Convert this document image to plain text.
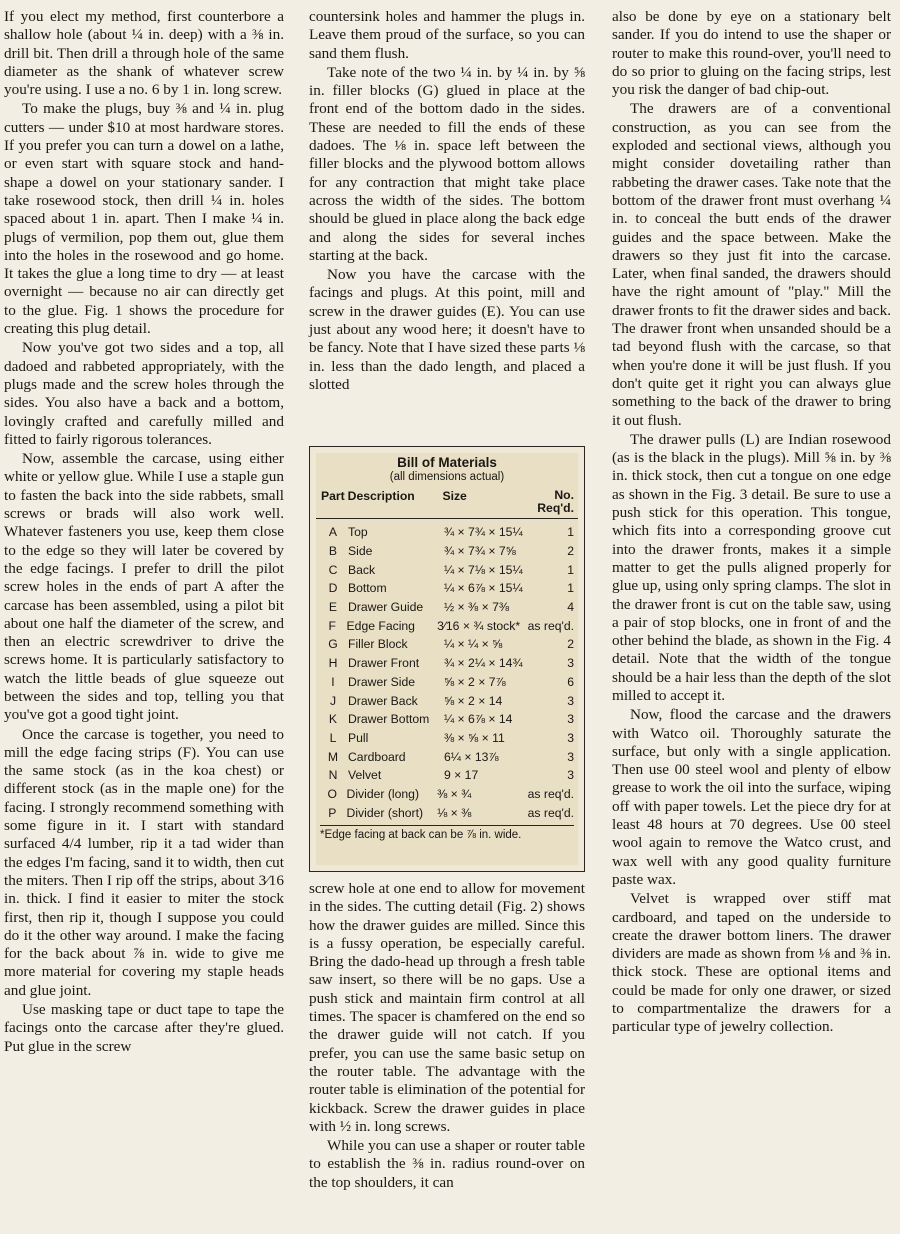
If you elect my method, first counterbore a shallow hole (about ¼ in. deep) with a ⅜ in. drill bit. Then drill a through hole of the same diameter as the shank of whatever screw you're using. I use a no. 6 by 1 in. long screw.

To make the plugs, buy ⅜ and ¼ in. plug cutters — under $10 at most hardware stores. If you prefer you can turn a dowel on a lathe, or even start with square stock and hand-shape a dowel on your stationary sander. I take rosewood stock, then drill ¼ in. holes spaced about 1 in. apart. Then I make ¼ in. plugs of vermilion, pop them out, glue them into the holes in the rosewood and go home. It takes the glue a long time to dry — at least overnight — because no air can directly get to the glue. Fig. 1 shows the procedure for creating this plug detail.

Now you've got two sides and a top, all dadoed and rabbeted appropriately, with the plugs made and the screw holes through the sides. You also have a back and a bottom, lovingly crafted and carefully milled and fitted to fairly rigorous tolerances.

Now, assemble the carcase, using either white or yellow glue. While I use a staple gun to fasten the back into the side rabbets, small screws or brads will also work well. Whatever fasteners you use, keep them close to the edge so they will later be covered by the edge facings. I prefer to drill the pilot screw holes in the ends of part A after the carcase has been assembled, using a pilot bit about one half the diameter of the screw, and then an electric screwdriver to drive the screws home. It is particularly satisfactory to watch the little beads of glue squeeze out between the sides and top, telling you that you've got a good tight joint.

Once the carcase is together, you need to mill the edge facing strips (F). You can use the same stock (as in the koa chest) or different stock (as in the maple one) for the facing. I strongly recommend something with some figure in it. I start with standard surfaced 4/4 lumber, rip it a tad wider than the edges I'm facing, sand it to width, then cut the miters. Then I rip off the strips, about 3⁄16 in. thick. I find it easier to miter the stock first, then rip it, though I suppose you could do it the other way around. I make the facing for the back about ⅞ in. wide to give me more material for covering my staple heads and glue joint.

Use masking tape or duct tape to tape the facings onto the carcase after they're glued. Put glue in the screw

countersink holes and hammer the plugs in. Leave them proud of the surface, so you can sand them flush.

Take note of the two ¼ in. by ¼ in. by ⅝ in. filler blocks (G) glued in place at the front end of the bottom dado in the sides. These are needed to fill the ends of these dadoes. The ⅛ in. space left between the filler blocks and the plywood bottom allows for any contraction that might take place across the width of the sides. The bottom should be glued in place along the back edge and along the sides for several inches starting at the back.

Now you have the carcase with the facings and plugs. At this point, mill and screw in the drawer guides (E). You can use just about any wood here; it doesn't have to be fancy. Note that I have sized these parts ⅛ in. less than the dado length, and placed a slotted

Bill of Materials
(all dimensions actual)
Part Description	Size	No. Req'd.
A Top	¾ × 7¾ × 15¼	1
B Side	¾ × 7¾ × 7⅝	2
C Back	¼ × 7⅛ × 15¼	1
D Bottom	¼ × 6⅞ × 15¼	1
E Drawer Guide	½ × ⅜ × 7⅜	4
F Edge Facing	3⁄16 × ¾ stock* as req'd.
G Filler Block	¼ × ¼ × ⅝	2
H Drawer Front	¾ × 2¼ × 14¾	3
I	Drawer Side	⅝ × 2 × 7⅞	6
J Drawer Back	⅝ × 2 × 14	3
K Drawer Bottom	¼ × 6⅞ × 14	3
L Pull	⅜ × ⅝ × 11	3
M Cardboard	6¼ × 13⅞	3
N Velvet	9 × 17	3
O Divider (long)	⅜ × ¾	as req'd.
P Divider (short)	⅛ × ⅜	as req'd.
*Edge facing at back can be ⅞ in. wide.

screw hole at one end to allow for movement in the sides. The cutting detail (Fig. 2) shows how the drawer guides are milled. Since this is a fussy operation, be especially careful. Bring the dado-head up through a fresh table saw insert, so there will be no gaps. Use a push stick and maintain firm control at all times. The spacer is chamfered on the end so the drawer guide will not catch. If you prefer, you can use the same basic setup on the router table. The advantage with the router table is elimination of the potential for kickback. Screw the drawer guides in place with ½ in. long screws.

While you can use a shaper or router table to establish the ⅜ in. radius round-over on the top shoulders, it can

also be done by eye on a stationary belt sander. If you do intend to use the shaper or router to make this round-over, you'll need to do so prior to gluing on the facing strips, lest you risk the danger of bad chip-out.

The drawers are of a conventional construction, as you can see from the exploded and sectional views, although you might consider dovetailing rather than rabbeting the drawer cases. Take note that the bottom of the drawer front must overhang ¼ in. to conceal the butt ends of the drawer guides and the space between. Make the drawers so they just fit into the carcase. Later, when final sanded, the drawers should have the right amount of "play." Mill the drawer fronts to fit the drawer sides and back. The drawer front when unsanded should be a tad beyond flush with the carcase, so that when you're done it will be just flush. If you don't quite get it right you can always glue something to the back of the drawer to bring it out flush.

The drawer pulls (L) are Indian rosewood (as is the black in the plugs). Mill ⅝ in. by ⅜ in. thick stock, then cut a tongue on one edge as shown in the Fig. 3 detail. Be sure to use a push stick for this operation. This tongue, which fits into a corresponding groove cut into the drawer fronts, makes it a simple matter to get the pulls aligned properly for glue up, using only spring clamps. The slot in the drawer front is cut on the table saw, using a pair of stop blocks, one in front of and the other behind the blade, as shown in the Fig. 4 detail. Note that the width of the tongue should be a hair less than the depth of the slot milled to accept it.

Now, flood the carcase and the drawers with Watco oil. Thoroughly saturate the surface, but only with a single application. Then use 00 steel wool and plenty of elbow grease to work the oil into the surface, wiping off with paper towels. Let the piece dry for at least 48 hours at 70 degrees. Use 00 steel wool again to remove the Watco crust, and wax well with any good quality furniture paste wax.

Velvet is wrapped over stiff mat cardboard, and taped on the underside to create the drawer bottom liners. The drawer dividers are made as shown from ⅛ and ⅜ in. thick stock. These are optional items and could be made for only one drawer, or sized to compartmentalize the drawers for a particular type of jewelry collection.
